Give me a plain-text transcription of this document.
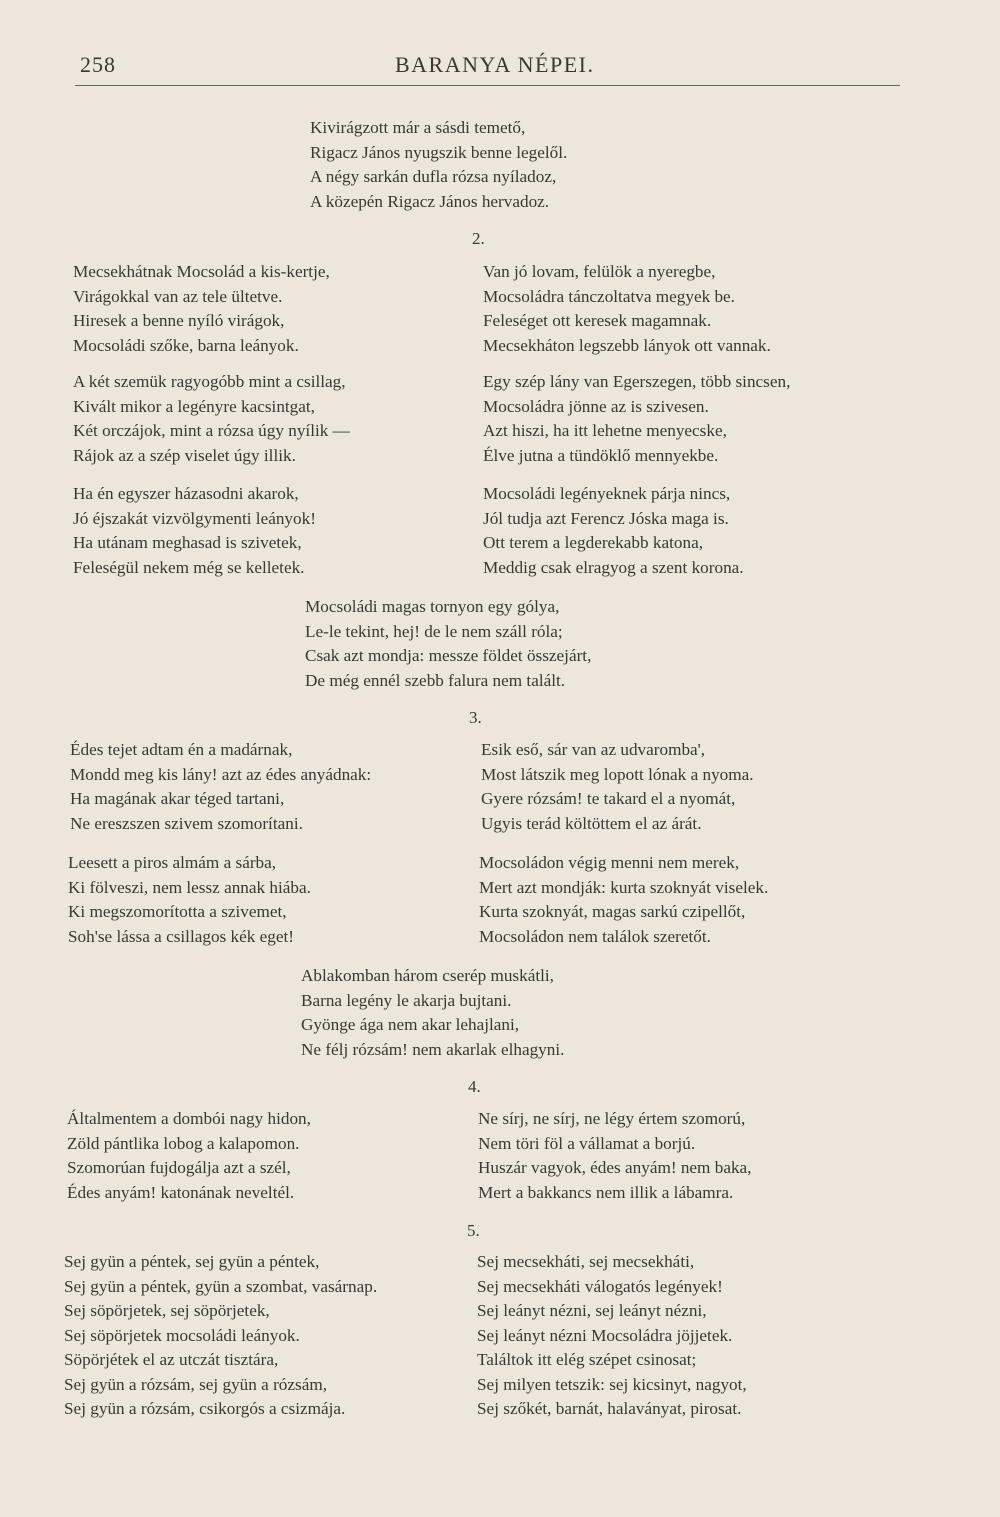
258	BARANYA NÉPEI.
Kivirágzott már a sásdi temető,
Rigacz János nyugszik benne legelől.
A négy sarkán dufla rózsa nyíladoz,
A közepén Rigacz János hervadoz.
2.
Mecsekhátnak Mocsolád a kis-kertje,
Virágokkal van az tele ültetve.
Hiresek a benne nyíló virágok,
Mocsoládi szőke, barna leányok.
Van jó lovam, felülök a nyeregbe,
Mocsoládra tánczoltatva megyek be.
Feleséget ott keresek magamnak.
Mecsekháton legszebb lányok ott vannak.
A két szemük ragyogóbb mint a csillag,
Kivált mikor a legényre kacsintgat,
Két orczájok, mint a rózsa úgy nyílik —
Rájok az a szép viselet úgy illik.
Egy szép lány van Egerszegen, több sincsen,
Mocsoládra jönne az is szivesen.
Azt hiszi, ha itt lehetne menyecske,
Élve jutna a tündöklő mennyekbe.
Ha én egyszer házasodni akarok,
Jó éjszakát vizvölgymenti leányok!
Ha utánam meghasad is szivetek,
Feleségül nekem még se kelletek.
Mocsoládi legényeknek párja nincs,
Jól tudja azt Ferencz Jóska maga is.
Ott terem a legderekabb katona,
Meddig csak elragyog a szent korona.
Mocsoládi magas tornyon egy gólya,
Le-le tekint, hej! de le nem száll róla;
Csak azt mondja: messze földet összejárt,
De még ennél szebb falura nem talált.
3.
Édes tejet adtam én a madárnak,
Mondd meg kis lány! azt az édes anyádnak:
Ha magának akar téged tartani,
Ne ereszszen szivem szomorítani.
Esik eső, sár van az udvaromba',
Most látszik meg lopott lónak a nyoma.
Gyere rózsám! te takard el a nyomát,
Ugyis terád költöttem el az árát.
Leesett a piros almám a sárba,
Ki fölveszi, nem lessz annak hiába.
Ki megszomorította a szivemet,
Soh'se lássa a csillagos kék eget!
Mocsoládon végig menni nem merek,
Mert azt mondják: kurta szoknyát viselek.
Kurta szoknyát, magas sarkú czipellőt,
Mocsoládon nem találok szeretőt.
Ablakomban három cserép muskátli,
Barna legény le akarja bujtani.
Gyönge ága nem akar lehajlani,
Ne félj rózsám! nem akarlak elhagyni.
4.
Általmentem a dombói nagy hidon,
Zöld pántlika lobog a kalapomon.
Szomorúan fujdogálja azt a szél,
Édes anyám! katonának neveltél.
Ne sírj, ne sírj, ne légy értem szomorú,
Nem töri föl a vállamat a borjú.
Huszár vagyok, édes anyám! nem baka,
Mert a bakkancs nem illik a lábamra.
5.
Sej gyün a péntek, sej gyün a péntek,
Sej gyün a péntek, gyün a szombat, vasárnap.
Sej söpörjetek, sej söpörjetek,
Sej söpörjetek mocsoládi leányok.
Söpörjétek el az utczát tisztára,
Sej gyün a rózsám, sej gyün a rózsám,
Sej gyün a rózsám, csikorgós a csizmája.
Sej mecsekháti, sej mecsekháti,
Sej mecsekháti válogatós legények!
Sej leányt nézni, sej leányt nézni,
Sej leányt nézni Mocsoládra jöjjetek.
Találtok itt elég szépet csinosat;
Sej milyen tetszik: sej kicsinyt, nagyot,
Sej szőkét, barnát, halaványat, pirosat.
